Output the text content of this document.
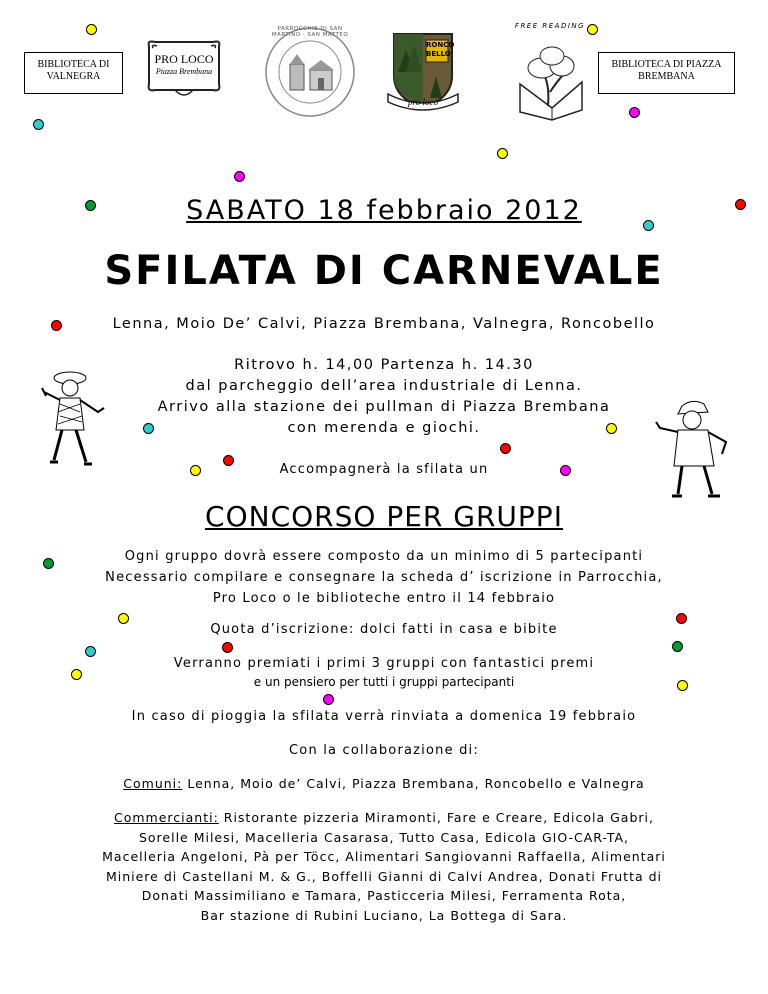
BIBLIOTECA DI VALNEGRA
BIBLIOTECA DI PIAZZA BREMBANA
PRO LOCO
Piazza Brembana
PARROCCHIE DI SAN MARTINO · SAN MATTEO
RONCO
BELLO
pro loco
FREE READING
SABATO 18 febbraio 2012
SFILATA DI CARNEVALE
Lenna, Moio De’ Calvi, Piazza Brembana, Valnegra, Roncobello
Ritrovo h. 14,00 Partenza h. 14.30
dal parcheggio dell’area industriale di Lenna.
Arrivo alla stazione dei pullman di Piazza Brembana
con merenda e giochi.
Accompagnerà la sfilata un
CONCORSO PER GRUPPI
Ogni gruppo dovrà essere composto da un minimo di 5 partecipanti
Necessario compilare e consegnare la scheda d’ iscrizione in Parrocchia,
Pro Loco o le biblioteche entro il 14 febbraio
Quota d’iscrizione: dolci fatti in casa e bibite
Verranno premiati i primi 3 gruppi con fantastici premi
e un pensiero per tutti i gruppi partecipanti
In caso di pioggia la sfilata verrà rinviata a domenica 19 febbraio
Con la collaborazione di:
Comuni: Lenna, Moio de’ Calvi, Piazza Brembana, Roncobello e Valnegra
Commercianti: Ristorante pizzeria Miramonti, Fare e Creare, Edicola Gabri,
Sorelle Milesi, Macelleria Casarasa, Tutto Casa, Edicola GIO-CAR-TA,
Macelleria Angeloni, Pà per Töcc, Alimentari Sangiovanni Raffaella, Alimentari
Miniere di Castellani M. & G., Boffelli Gianni di Calvi Andrea, Donati Frutta di
Donati Massimiliano e Tamara, Pasticceria Milesi, Ferramenta Rota,
Bar stazione di Rubini Luciano, La Bottega di Sara.
